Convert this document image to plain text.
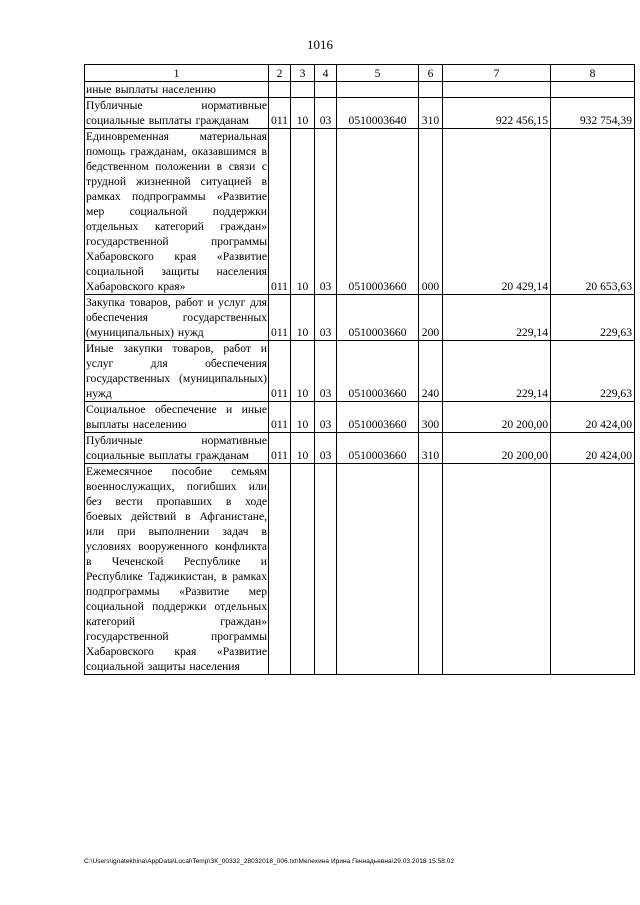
1016
1	2	3	4	5	6	7	8
иные выплаты населению							
Публичные нормативные социальные выплаты гражданам	011	10	03	0510003640	310	922 456,15	932 754,39
Единовременная материальная помощь гражданам, оказавшимся в бедственном положении в связи с трудной жизненной ситуацией в рамках подпрограммы «Развитие мер социальной поддержки отдельных категорий граждан» государственной программы Хабаровского края «Развитие социальной защиты населения Хабаровского края»	011	10	03	0510003660	000	20 429,14	20 653,63
Закупка товаров, работ и услуг для обеспечения государственных (муниципальных) нужд	011	10	03	0510003660	200	229,14	229,63
Иные закупки товаров, работ и услуг для обеспечения государственных (муниципальных) нужд	011	10	03	0510003660	240	229,14	229,63
Социальное обеспечение и иные выплаты населению	011	10	03	0510003660	300	20 200,00	20 424,00
Публичные нормативные социальные выплаты гражданам	011	10	03	0510003660	310	20 200,00	20 424,00
Ежемесячное пособие семьям военнослужащих, погибших или без вести пропавших в ходе боевых действий в Афганистане, или при выполнении задач в условиях вооруженного конфликта в Чеченской Республике и Республике Таджикистан, в рамках подпрограммы «Развитие мер социальной поддержки отдельных категорий граждан» государственной программы Хабаровского края «Развитие социальной защиты населения							
C:\Users\ignatekhina\AppData\Local\Temp\ЗК_00332_28032018_006.txt\Мелехина Ирина Геннадьевна\29.03.2018 15:58:02
